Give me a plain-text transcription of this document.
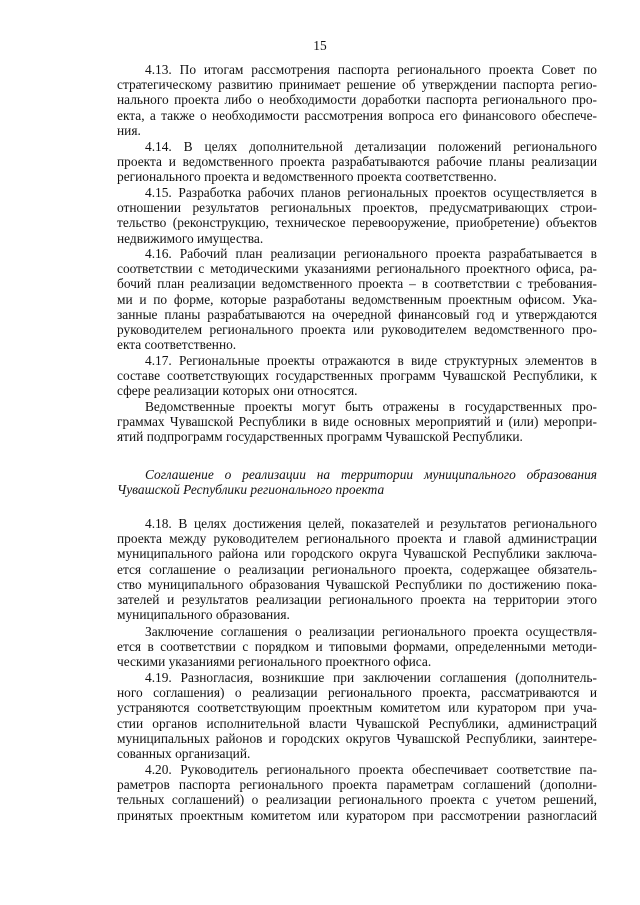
15
4.13. По итогам рассмотрения паспорта регионального проекта Совет по
стратегическому развитию принимает решение об утверждении паспорта регио-
нального проекта либо о необходимости доработки паспорта регионального про-
екта, а также о необходимости рассмотрения вопроса его финансового обеспече-
ния.
4.14. В целях дополнительной детализации положений регионального
проекта и ведомственного проекта разрабатываются рабочие планы реализации
регионального проекта и ведомственного проекта соответственно.
4.15. Разработка рабочих планов региональных проектов осуществляется в
отношении результатов региональных проектов, предусматривающих строи-
тельство (реконструкцию, техническое перевооружение, приобретение) объектов
недвижимого имущества.
4.16. Рабочий план реализации регионального проекта разрабатывается в
соответствии с методическими указаниями регионального проектного офиса, ра-
бочий план реализации ведомственного проекта – в соответствии с требования-
ми и по форме, которые разработаны ведомственным проектным офисом. Ука-
занные планы разрабатываются на очередной финансовый год и утверждаются
руководителем регионального проекта или руководителем ведомственного про-
екта соответственно.
4.17. Региональные проекты отражаются в виде структурных элементов в
составе соответствующих государственных программ Чувашской Республики, к
сфере реализации которых они относятся.
Ведомственные проекты могут быть отражены в государственных про-
граммах Чувашской Республики в виде основных мероприятий и (или) меропри-
ятий подпрограмм государственных программ Чувашской Республики.
Соглашение о реализации на территории муниципального образования
Чувашской Республики регионального проекта
4.18. В целях достижения целей, показателей и результатов регионального
проекта между руководителем регионального проекта и главой администрации
муниципального района или городского округа Чувашской Республики заключа-
ется соглашение о реализации регионального проекта, содержащее обязатель-
ство муниципального образования Чувашской Республики по достижению пока-
зателей и результатов реализации регионального проекта на территории этого
муниципального образования.
Заключение соглашения о реализации регионального проекта осуществля-
ется в соответствии с порядком и типовыми формами, определенными методи-
ческими указаниями регионального проектного офиса.
4.19. Разногласия, возникшие при заключении соглашения (дополнитель-
ного соглашения) о реализации регионального проекта, рассматриваются и
устраняются соответствующим проектным комитетом или куратором при уча-
стии органов исполнительной власти Чувашской Республики, администраций
муниципальных районов и городских округов Чувашской Республики, заинтере-
сованных организаций.
4.20. Руководитель регионального проекта обеспечивает соответствие па-
раметров паспорта регионального проекта параметрам соглашений (дополни-
тельных соглашений) о реализации регионального проекта с учетом решений,
принятых проектным комитетом или куратором при рассмотрении разногласий
